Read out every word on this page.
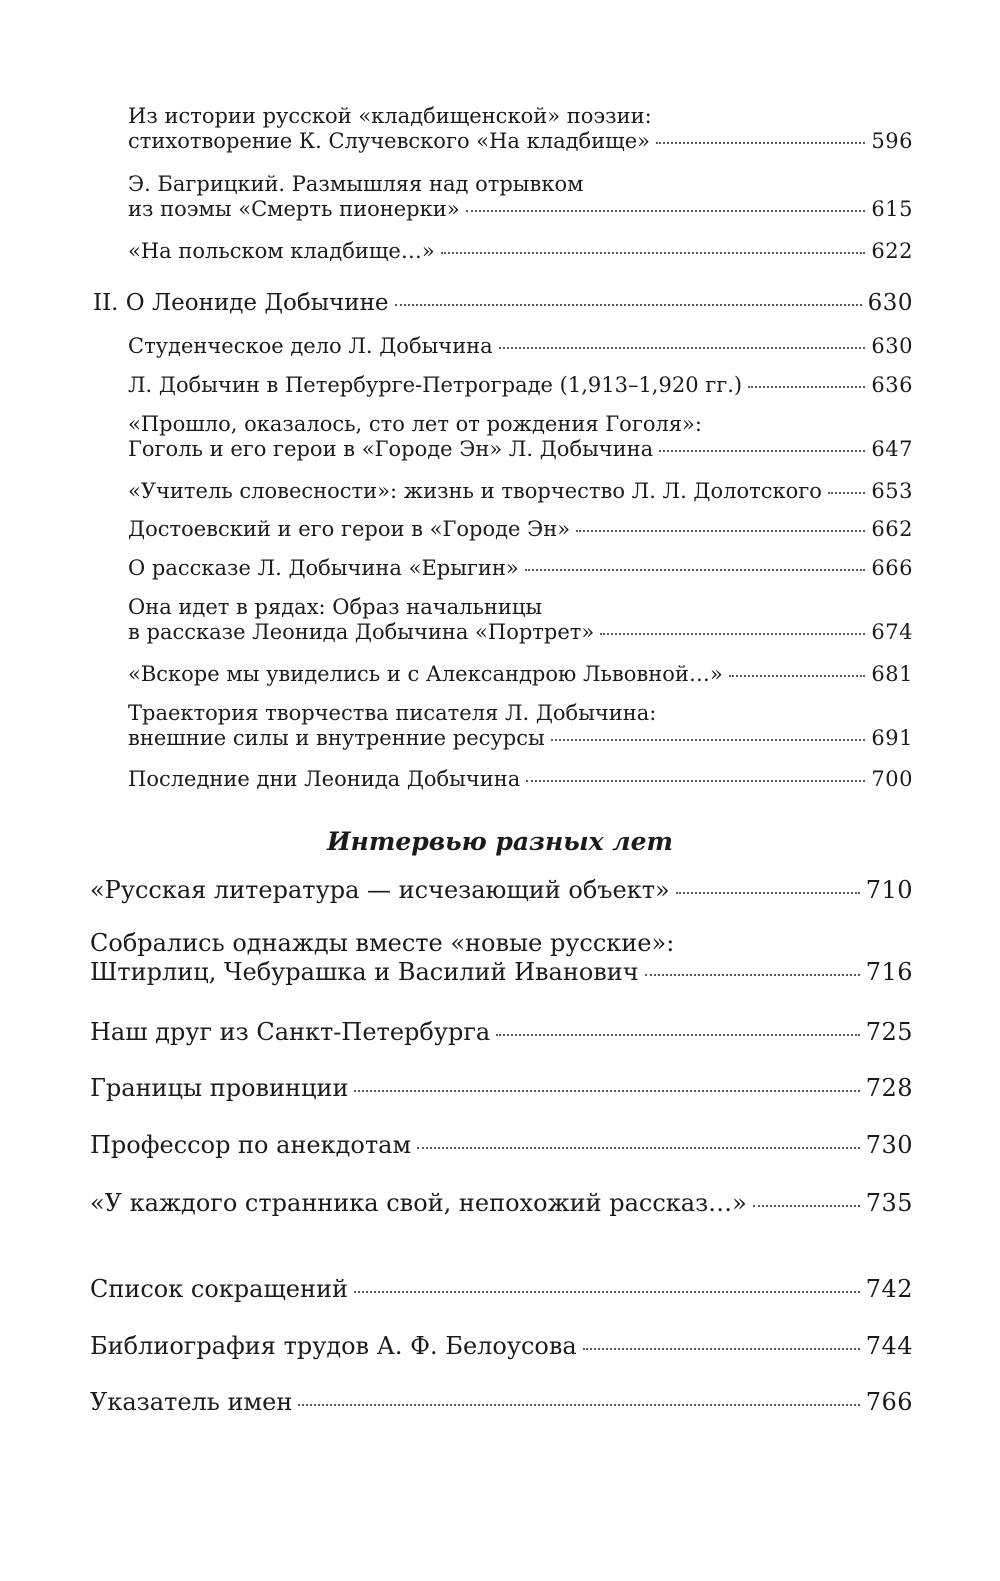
Из истории русской «кладбищенской» поэзии:
стихотворение К. Случевского «На кладбище»	596
Э. Багрицкий. Размышляя над отрывком
из поэмы «Смерть пионерки»	615
«На польском кладбище…»	622
II. О Леониде Добычине	630
Студенческое дело Л. Добычина	630
Л. Добычин в Петербурге-Петрограде (1,913–1,920 гг.)	636
«Прошло, оказалось, сто лет от рождения Гоголя»:
Гоголь и его герои в «Городе Эн» Л. Добычина	647
«Учитель словесности»: жизнь и творчество Л. Л. Долотского 653
Достоевский и его герои в «Городе Эн»	662
О рассказе Л. Добычина «Ерыгин»	666
Она идет в рядах: Образ начальницы
в рассказе Леонида Добычина «Портрет»	674
«Вскоре мы увиделись и с Александрою Львовной…»	681
Траектория творчества писателя Л. Добычина:
внешние силы и внутренние ресурсы	691
Последние дни Леонида Добычина	700
Интервью разных лет
«Русская литература — исчезающий объект»	710
Собрались однажды вместе «новые русские»:
Штирлиц, Чебурашка и Василий Иванович	716
Наш друг из Санкт-Петербурга	725
Границы провинции	728
Профессор по анекдотам	730
«У каждого странника свой, непохожий рассказ…»	735
Список сокращений	742
Библиография трудов А. Ф. Белоусова	744
Указатель имен	766
